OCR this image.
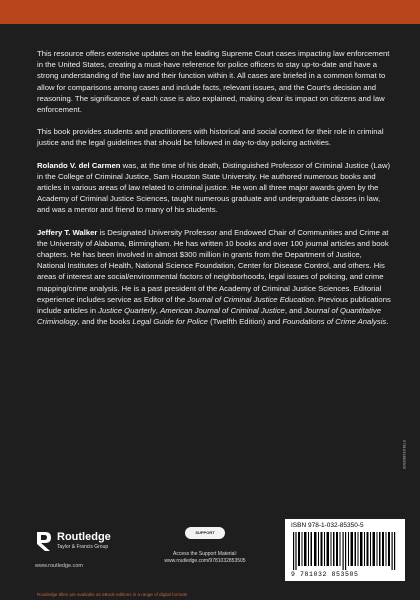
This resource offers extensive updates on the leading Supreme Court cases impacting law enforcement in the United States, creating a must-have reference for police officers to stay up-to-date and have a strong understanding of the law and their function within it. All cases are briefed in a common format to allow for comparisons among cases and include facts, relevant issues, and the Court's decision and reasoning. The significance of each case is also explained, making clear its impact on citizens and law enforcement.

This book provides students and practitioners with historical and social context for their role in criminal justice and the legal guidelines that should be followed in day-to-day policing activities.

Rolando V. del Carmen was, at the time of his death, Distinguished Professor of Criminal Justice (Law) in the College of Criminal Justice, Sam Houston State University. He authored numerous books and articles in various areas of law related to criminal justice. He won all three major awards given by the Academy of Criminal Justice Sciences, taught numerous graduate and undergraduate classes in law, and was a mentor and friend to many of his students.

Jeffery T. Walker is Designated University Professor and Endowed Chair of Communities and Crime at the University of Alabama, Birmingham. He has written 10 books and over 100 journal articles and book chapters. He has been involved in almost $300 million in grants from the Department of Justice, National Institutes of Health, National Science Foundation, Center for Disease Control, and others. His areas of interest are social/environmental factors of neighborhoods, legal issues of policing, and crime mapping/crime analysis. He is a past president of the Academy of Criminal Justice Sciences. Editorial experience includes service as Editor of the Journal of Criminal Justice Education. Previous publications include articles in Justice Quarterly, American Journal of Criminal Justice, and Journal of Quantitative Criminology, and the books Legal Guide for Police (Twelfth Edition) and Foundations of Crime Analysis.

9781032853505
Routledge
Taylor & Francis Group
www.routledge.com
SUPPORT MATERIAL
Access the Support Material:
www.routledge.com/9781032853505
ISBN 978-1-032-85350-5
9 781032 853505
Routledge titles are available as eBook editions in a range of digital formats
